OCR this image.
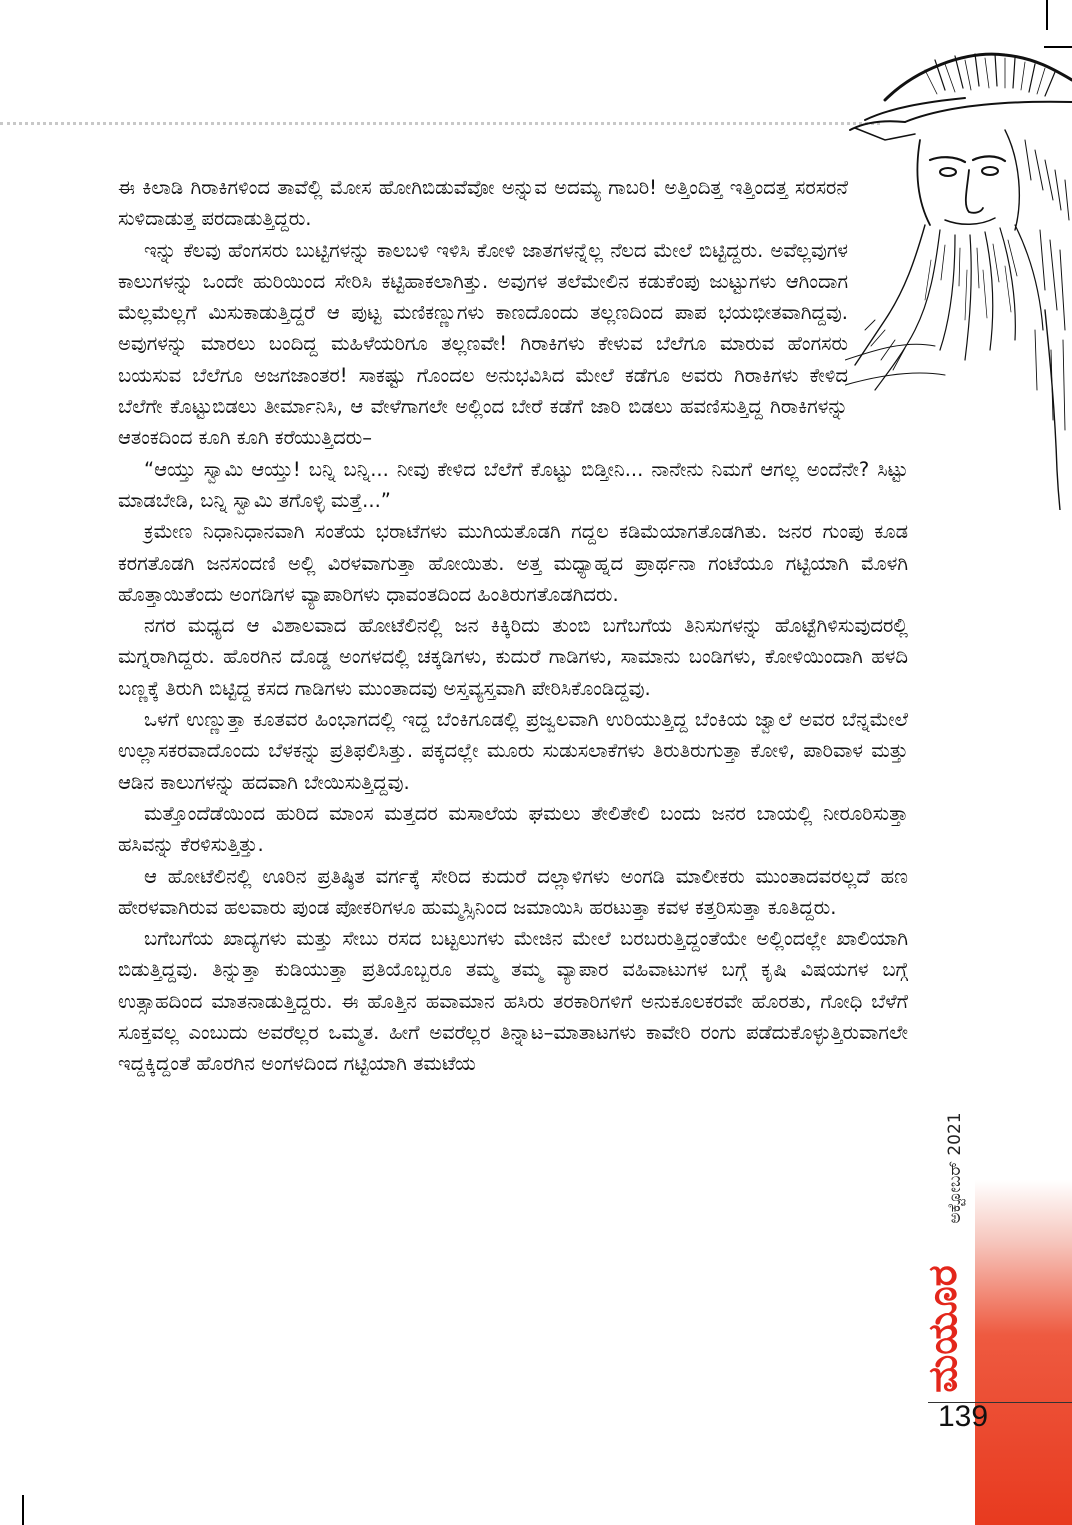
ಈ ಕಿಲಾಡಿ ಗಿರಾಕಿಗಳಿಂದ ತಾವೆಲ್ಲಿ ಮೋಸ ಹೋಗಿಬಿಡುವೆವೋ ಅನ್ನುವ ಅದಮ್ಯ ಗಾಬರಿ! ಅತ್ತಿಂದಿತ್ತ ಇತ್ತಿಂದತ್ತ ಸರಸರನೆ ಸುಳಿದಾಡುತ್ತ ಪರದಾಡುತ್ತಿದ್ದರು.

ಇನ್ನು ಕೆಲವು ಹೆಂಗಸರು ಬುಟ್ಟಿಗಳನ್ನು ಕಾಲಬಳಿ ಇಳಿಸಿ ಕೋಳಿ ಜಾತಗಳನ್ನೆಲ್ಲ ನೆಲದ ಮೇಲೆ ಬಿಟ್ಟಿದ್ದರು. ಅವೆಲ್ಲವುಗಳ ಕಾಲುಗಳನ್ನು ಒಂದೇ ಹುರಿಯಿಂದ ಸೇರಿಸಿ ಕಟ್ಟಿಹಾಕಲಾಗಿತ್ತು. ಅವುಗಳ ತಲೆಮೇಲಿನ ಕಡುಕೆಂಪು ಜುಟ್ಟುಗಳು ಆಗಿಂದಾಗ ಮೆಲ್ಲಮೆಲ್ಲಗೆ ಮಿಸುಕಾಡುತ್ತಿದ್ದರೆ ಆ ಪುಟ್ಟ ಮಣಿಕಣ್ಣುಗಳು ಕಾಣದೊಂದು ತಲ್ಲಣದಿಂದ ಪಾಪ ಭಯಭೀತವಾಗಿದ್ದವು. ಅವುಗಳನ್ನು ಮಾರಲು ಬಂದಿದ್ದ ಮಹಿಳೆಯರಿಗೂ ತಲ್ಲಣವೇ! ಗಿರಾಕಿಗಳು ಕೇಳುವ ಬೆಲೆಗೂ ಮಾರುವ ಹೆಂಗಸರು ಬಯಸುವ ಬೆಲೆಗೂ ಅಜಗಜಾಂತರ! ಸಾಕಷ್ಟು ಗೊಂದಲ ಅನುಭವಿಸಿದ ಮೇಲೆ ಕಡೆಗೂ ಅವರು ಗಿರಾಕಿಗಳು ಕೇಳಿದ ಬೆಲೆಗೇ ಕೊಟ್ಟುಬಿಡಲು ತೀರ್ಮಾನಿಸಿ, ಆ ವೇಳೆಗಾಗಲೇ ಅಲ್ಲಿಂದ ಬೇರೆ ಕಡೆಗೆ ಜಾರಿ ಬಿಡಲು ಹವಣಿಸುತ್ತಿದ್ದ ಗಿರಾಕಿಗಳನ್ನು ಆತಂಕದಿಂದ ಕೂಗಿ ಕೂಗಿ ಕರೆಯುತ್ತಿದರು–

“ಆಯ್ತು ಸ್ವಾಮಿ ಆಯ್ತು! ಬನ್ನಿ ಬನ್ನಿ... ನೀವು ಕೇಳಿದ ಬೆಲೆಗೆ ಕೊಟ್ಟು ಬಿಡ್ತೀನಿ... ನಾನೇನು ನಿಮಗೆ ಆಗಲ್ಲ ಅಂದೆನೇ? ಸಿಟ್ಟು ಮಾಡಬೇಡಿ, ಬನ್ನಿ ಸ್ವಾಮಿ ತಗೊಳ್ಳಿ ಮತ್ತೆ...”

ಕ್ರಮೇಣ ನಿಧಾನಿಧಾನವಾಗಿ ಸಂತೆಯ ಭರಾಟೆಗಳು ಮುಗಿಯತೊಡಗಿ ಗದ್ದಲ ಕಡಿಮೆಯಾಗತೊಡಗಿತು. ಜನರ ಗುಂಪು ಕೂಡ ಕರಗತೊಡಗಿ ಜನಸಂದಣಿ ಅಲ್ಲಿ ವಿರಳವಾಗುತ್ತಾ ಹೋಯಿತು. ಅತ್ತ ಮಧ್ಯಾಹ್ನದ ಪ್ರಾರ್ಥನಾ ಗಂಟೆಯೂ ಗಟ್ಟಿಯಾಗಿ ಮೊಳಗಿ ಹೊತ್ತಾಯಿತೆಂದು ಅಂಗಡಿಗಳ ವ್ಯಾಪಾರಿಗಳು ಧಾವಂತದಿಂದ ಹಿಂತಿರುಗತೊಡಗಿದರು.

ನಗರ ಮಧ್ಯದ ಆ ವಿಶಾಲವಾದ ಹೋಟೆಲಿನಲ್ಲಿ ಜನ ಕಿಕ್ಕಿರಿದು ತುಂಬಿ ಬಗೆಬಗೆಯ ತಿನಿಸುಗಳನ್ನು ಹೊಟ್ಟೆಗಿಳಿಸುವುದರಲ್ಲಿ ಮಗ್ನರಾಗಿದ್ದರು. ಹೊರಗಿನ ದೊಡ್ಡ ಅಂಗಳದಲ್ಲಿ ಚಕ್ಕಡಿಗಳು, ಕುದುರೆ ಗಾಡಿಗಳು, ಸಾಮಾನು ಬಂಡಿಗಳು, ಕೋಳಿಯಿಂದಾಗಿ ಹಳದಿ ಬಣ್ಣಕ್ಕೆ ತಿರುಗಿ ಬಿಟ್ಟಿದ್ದ ಕಸದ ಗಾಡಿಗಳು ಮುಂತಾದವು ಅಸ್ತವ್ಯಸ್ತವಾಗಿ ಪೇರಿಸಿಕೊಂಡಿದ್ದವು.

ಒಳಗೆ ಉಣ್ಣುತ್ತಾ ಕೂತವರ ಹಿಂಭಾಗದಲ್ಲಿ ಇದ್ದ ಬೆಂಕಿಗೂಡಲ್ಲಿ ಪ್ರಜ್ವಲವಾಗಿ ಉರಿಯುತ್ತಿದ್ದ ಬೆಂಕಿಯ ಜ್ವಾಲೆ ಅವರ ಬೆನ್ನಮೇಲೆ ಉಲ್ಲಾಸಕರವಾದೊಂದು ಬೆಳಕನ್ನು ಪ್ರತಿಫಲಿಸಿತ್ತು. ಪಕ್ಕದಲ್ಲೇ ಮೂರು ಸುಡುಸಲಾಕೆಗಳು ತಿರುತಿರುಗುತ್ತಾ ಕೋಳಿ, ಪಾರಿವಾಳ ಮತ್ತು ಆಡಿನ ಕಾಲುಗಳನ್ನು ಹದವಾಗಿ ಬೇಯಿಸುತ್ತಿದ್ದವು.

ಮತ್ತೊಂದೆಡೆಯಿಂದ ಹುರಿದ ಮಾಂಸ ಮತ್ತದರ ಮಸಾಲೆಯ ಘಮಲು ತೇಲಿತೇಲಿ ಬಂದು ಜನರ ಬಾಯಲ್ಲಿ ನೀರೂರಿಸುತ್ತಾ ಹಸಿವನ್ನು ಕೆರಳಿಸುತ್ತಿತ್ತು.

ಆ ಹೋಟೆಲಿನಲ್ಲಿ ಊರಿನ ಪ್ರತಿಷ್ಠಿತ ವರ್ಗಕ್ಕೆ ಸೇರಿದ ಕುದುರೆ ದಲ್ಲಾಳಿಗಳು ಅಂಗಡಿ ಮಾಲೀಕರು ಮುಂತಾದವರಲ್ಲದೆ ಹಣ ಹೇರಳವಾಗಿರುವ ಹಲವಾರು ಪುಂಡ ಪೋಕರಿಗಳೂ ಹುಮ್ಮಸ್ಸಿನಿಂದ ಜಮಾಯಿಸಿ ಹರಟುತ್ತಾ ಕವಳ ಕತ್ತರಿಸುತ್ತಾ ಕೂತಿದ್ದರು.

ಬಗೆಬಗೆಯ ಖಾದ್ಯಗಳು ಮತ್ತು ಸೇಬು ರಸದ ಬಟ್ಟಲುಗಳು ಮೇಜಿನ ಮೇಲೆ ಬರಬರುತ್ತಿದ್ದಂತೆಯೇ ಅಲ್ಲಿಂದಲ್ಲೇ ಖಾಲಿಯಾಗಿ ಬಿಡುತ್ತಿದ್ದವು. ತಿನ್ನುತ್ತಾ ಕುಡಿಯುತ್ತಾ ಪ್ರತಿಯೊಬ್ಬರೂ ತಮ್ಮ ತಮ್ಮ ವ್ಯಾಪಾರ ವಹಿವಾಟುಗಳ ಬಗ್ಗೆ ಕೃಷಿ ವಿಷಯಗಳ ಬಗ್ಗೆ ಉತ್ಸಾಹದಿಂದ ಮಾತನಾಡುತ್ತಿದ್ದರು. ಈ ಹೊತ್ತಿನ ಹವಾಮಾನ ಹಸಿರು ತರಕಾರಿಗಳಿಗೆ ಅನುಕೂಲಕರವೇ ಹೊರತು, ಗೋಧಿ ಬೆಳೆಗೆ ಸೂಕ್ತವಲ್ಲ ಎಂಬುದು ಅವರೆಲ್ಲರ ಒಮ್ಮತ. ಹೀಗೆ ಅವರೆಲ್ಲರ ತಿನ್ನಾಟ–ಮಾತಾಟಗಳು ಕಾವೇರಿ ರಂಗು ಪಡೆದುಕೊಳ್ಳುತ್ತಿರುವಾಗಲೇ ಇದ್ದಕ್ಕಿದ್ದಂತೆ ಹೊರಗಿನ ಅಂಗಳದಿಂದ ಗಟ್ಟಿಯಾಗಿ ತಮಟೆಯ

ಅಕ್ಟೋಬರ್ 2021
ಮಯೂರ
139
